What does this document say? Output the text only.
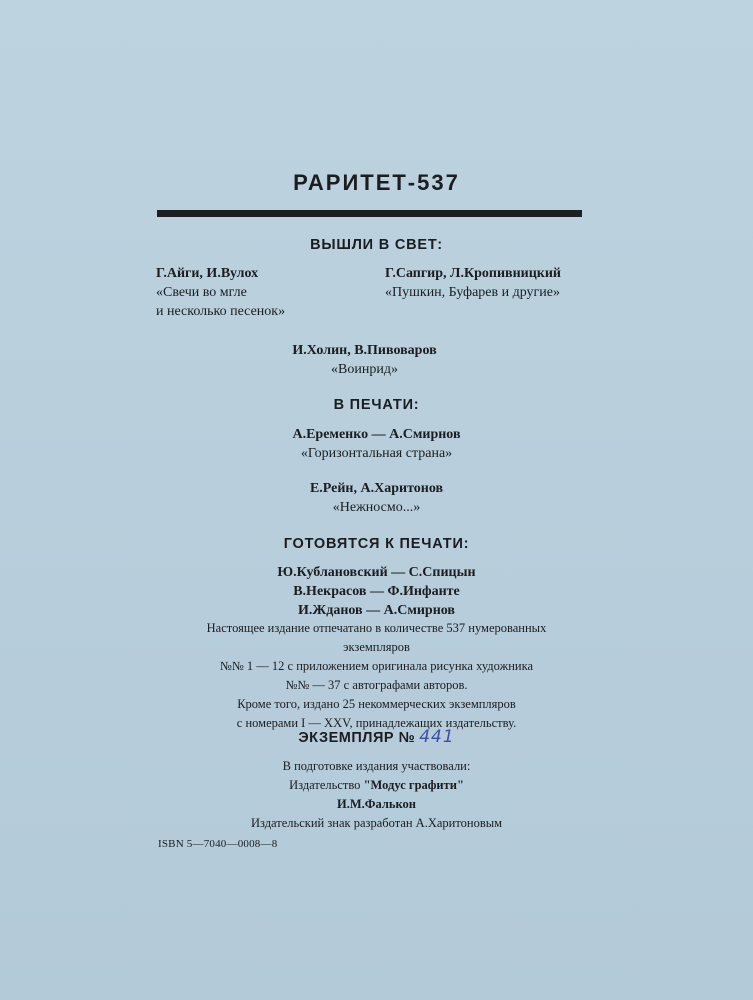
РАРИТЕТ-537
ВЫШЛИ В СВЕТ:
Г.Айги, И.Вулох
«Свечи во мгле
и несколько песенок»
Г.Сапгир, Л.Кропивницкий
«Пушкин, Буфарев и другие»
И.Холин, В.Пивоваров
«Воинрид»
В ПЕЧАТИ:
А.Еременко — А.Смирнов
«Горизонтальная страна»
Е.Рейн, А.Харитонов
«Нежносмо...»
ГОТОВЯТСЯ К ПЕЧАТИ:
Ю.Кублановский — С.Спицын
В.Некрасов — Ф.Инфанте
И.Жданов — А.Смирнов
Настоящее издание отпечатано в количестве 537 нумерованных
экземпляров
№№ 1 — 12 с приложением оригинала рисунка художника
№№ — 37 с автографами авторов.
Кроме того, издано 25 некоммерческих экземпляров
с номерами I — XXV, принадлежащих издательству.
ЭКЗЕМПЛЯР № 441
В подготовке издания участвовали:
Издательство "Модус графити"
И.М.Фалькон
Издательский знак разработан А.Харитоновым
ISBN 5—7040—0008—8
